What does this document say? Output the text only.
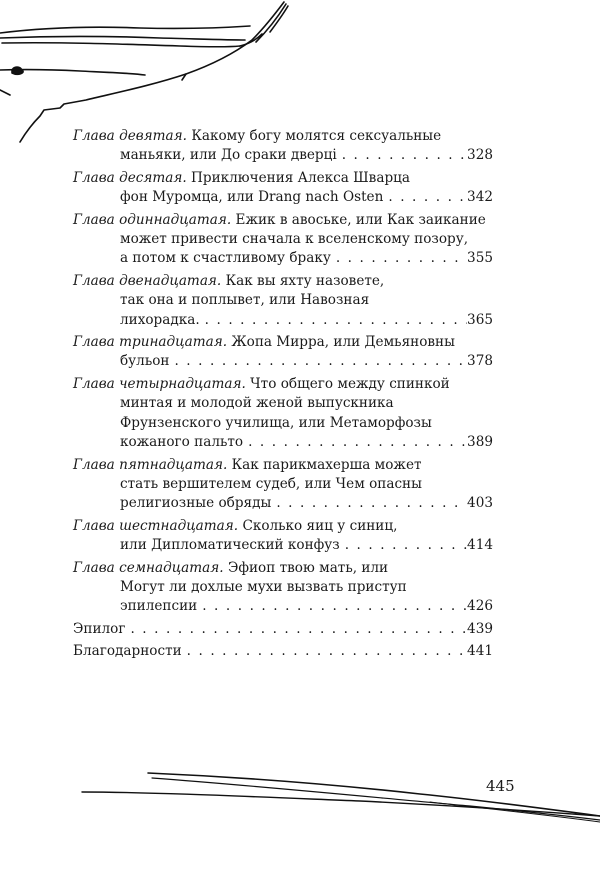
Глава девятая. Какому богу молятся сексуальные
маньяки, или До сраки дверці . . .	328
Глава десятая. Приключения Алекса Шварца
фон Муромца, или Drang nach Osten . . .	342
Глава одиннадцатая. Ежик в авоське, или Как заикание
может привести сначала к вселенскому позору,
а потом к счастливому браку . . .	355
Глава двенадцатая. Как вы яхту назовете,
так она и поплывет, или Навозная
лихорадка. . . .	365
Глава тринадцатая. Жопа Мирра, или Демьяновны
бульон . . .	378
Глава четырнадцатая. Что общего между спинкой
минтая и молодой женой выпускника
Фрунзенского училища, или Метаморфозы
кожаного пальто . . .	389
Глава пятнадцатая. Как парикмахерша может
стать вершителем судеб, или Чем опасны
религиозные обряды . . .	403
Глава шестнадцатая. Сколько яиц у синиц,
или Дипломатический конфуз . . .	414
Глава семнадцатая. Эфиоп твою мать, или
Могут ли дохлые мухи вызвать приступ
эпилепсии . . .	426
Эпилог . . .	439
Благодарности . . .	441
445
